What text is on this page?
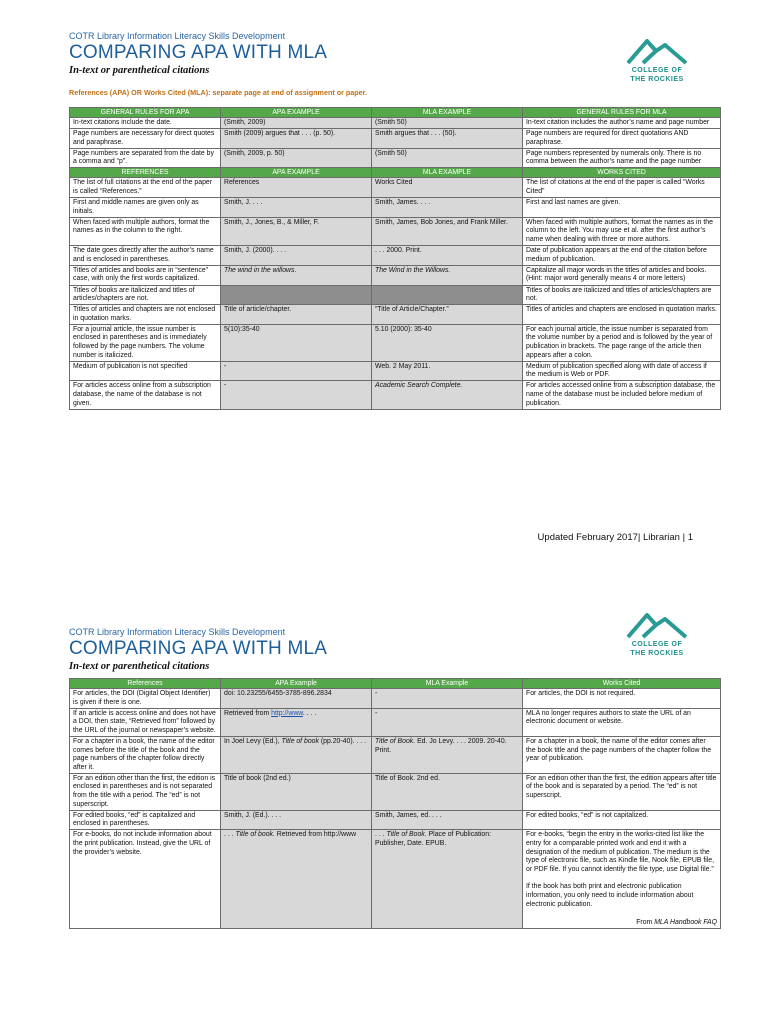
COTR Library Information Literacy Skills Development
COMPARING APA WITH MLA
In-text or parenthetical citations
References (APA) OR Works Cited (MLA): separate page at end of assignment or paper.
COLLEGE OF
THE ROCKIES
GENERAL RULES FOR APA	APA EXAMPLE	MLA EXAMPLE	GENERAL RULES FOR MLA
In-text citations include the date.	(Smith, 2009)	(Smith 50)	In-text citation includes the author’s name and page number
Page numbers are necessary for direct quotes and paraphrase.	Smith (2009) argues that . . . (p. 50).	Smith argues that . . . (50).	Page numbers are required for direct quotations AND paraphrase.
Page numbers are separated from the date by a comma and “p”.	(Smith, 2009, p. 50)	(Smith 50)	Page numbers represented by numerals only. There is no comma between the author’s name and the page number
REFERENCES	APA EXAMPLE	MLA EXAMPLE	WORKS CITED
The list of full citations at the end of the paper is called “References.”	References	Works Cited	The list of citations at the end of the paper is called “Works Cited”
First and middle names are given only as initials.	Smith, J. . . .	Smith, James. . . .	First and last names are given.
When faced with multiple authors, format the names as in the column to the right.	Smith, J., Jones, B., & Miller, F.	Smith, James, Bob Jones, and Frank Miller.	When faced with multiple authors, format the names as in the column to the left. You may use et al. after the first author’s name when dealing with three or more authors.
The date goes directly after the author’s name and is enclosed in parentheses.	Smith, J. (2000). . . .	. . . 2000. Print.	Date of publication appears at the end of the citation before medium of publication.
Titles of articles and books are in “sentence” case, with only the first words capitalized.	The wind in the willows.	The Wind in the Willows.	Capitalize all major words in the titles of articles and books. (Hint: major word generally means 4 or more letters)
Titles of books are italicized and titles of articles/chapters are not.			Titles of books are italicized and titles of articles/chapters are not.
Titles of articles and chapters are not enclosed in quotation marks.	Title of article/chapter.	“Title of Article/Chapter.”	Titles of articles and chapters are enclosed in quotation marks.
For a journal article, the issue number is enclosed in parentheses and is immediately followed by the page numbers. The volume number is italicized.	5(10):35-40	5.10 (2000): 35-40	For each journal article, the issue number is separated from the volume number by a period and is followed by the year of publication in brackets. The page range of the article then appears after a colon.
Medium of publication is not specified	-	Web. 2 May 2011.	Medium of publication specified along with date of access if the medium is Web or PDF.
For articles access online from a subscription database, the name of the database is not given.	-	Academic Search Complete.	For articles accessed online from a subscription database, the name of the database must be included before medium of publication.
Updated February 2017| Librarian | 1
COTR Library Information Literacy Skills Development
COMPARING APA WITH MLA
In-text or parenthetical citations
COLLEGE OF
THE ROCKIES
References	APA Example	MLA Example	Works Cited
For articles, the DOI (Digital Object Identifier) is given if there is one.	doi: 10.23255/6455-3785-896.2834	-	For articles, the DOI is not required.
If an article is access online and does not have a DOI, then state, “Retrieved from” followed by the URL of the journal or newspaper’s website.	Retrieved from http://www. . . .	-	MLA no longer requires authors to state the URL of an electronic document or website.
For a chapter in a book, the name of the editor comes before the title of the book and the page numbers of the chapter follow directly after it.	In Joel Levy (Ed.), Title of book (pp.20-40). . . .	Title of Book. Ed. Jo Levy. . . . 2009. 20-40. Print.	For a chapter in a book, the name of the editor comes after the book title and the page numbers of the chapter follow the year of publication.
For an edition other than the first, the edition is enclosed in parentheses and is not separated from the title with a period. The “ed” is not superscript.	Title of book (2nd ed.)	Title of Book. 2nd ed.	For an edition other than the first, the edition appears after title of the book and is separated by a period. The “ed” is not superscript.
For edited books, “ed” is capitalized and enclosed in parentheses.	Smith, J. (Ed.). . . .	Smith, James, ed. . . .	For edited books, “ed” is not capitalized.
For e-books, do not include information about the print publication. Instead, give the URL of the provider’s website.	. . . Title of book. Retrieved from http://www	. . . Title of Book. Place of Publication: Publisher, Date. EPUB.	For e-books, “begin the entry in the works-cited list like the entry for a comparable printed work and end it with a designation of the medium of publication. The medium is the type of electronic file, such as Kindle file, Nook file, EPUB file, or PDF file. If you cannot identify the file type, use Digital file.”
If the book has both print and electronic publication information, you only need to include information about electronic publication.
From MLA Handbook FAQ
